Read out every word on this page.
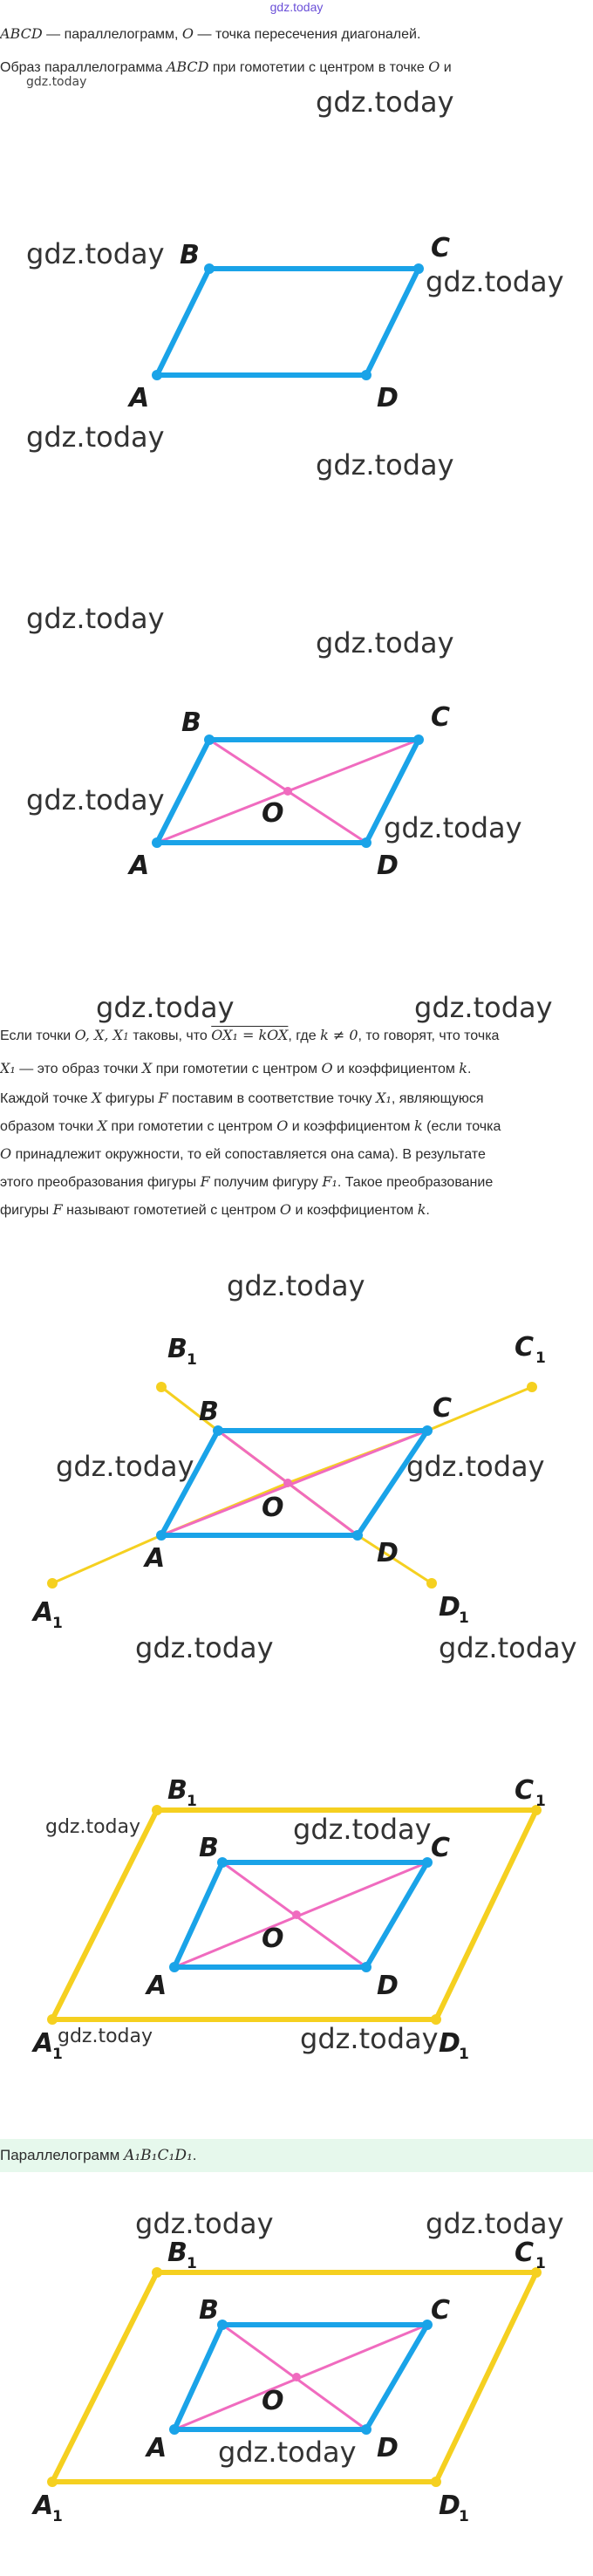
gdz.today
ABCD — параллелограмм, O — точка пересечения диагоналей.
Образ параллелограмма ABCD при гомотетии с центром в точке O и
B	C
D
A
B	C
D
A
O
Если точки O, X, X1 таковы, что OX₁ = kOX, где k ≠ 0, то говорят, что точка
X₁ — это образ точки X при гомотетии с центром O и коэффициентом k.
Каждой точке X фигуры F поставим в соответствие точку X₁, являющуюся
образом точки X при гомотетии с центром O и коэффициентом k (если точка
O принадлежит окружности, то ей сопоставляется она сама). В результате
этого преобразования фигуры F получим фигуру F₁. Такое преобразование
фигуры F называют гомотетией с центром O и коэффициентом k.
B 1	C 1
B	C
A	D
O
A
1
D
1
B 1	C 1
B	C
A	D
O
A
1	D
1
Параллелограмм A₁B₁C₁D₁.
B 1	C 1
B	C
A	D
O
A
1	D
1
gdz.today
gdz.today
gdz.today
gdz.today
gdz.today
gdz.today
gdz.today
gdz.today
gdz.today
gdz.today
gdz.today	gdz.today
gdz.today
gdz.today	gdz.today
gdz.today	gdz.today
gdz.today	gdz.today
gdz.today	gdz.today
gdz.today	gdz.today
gdz.today
